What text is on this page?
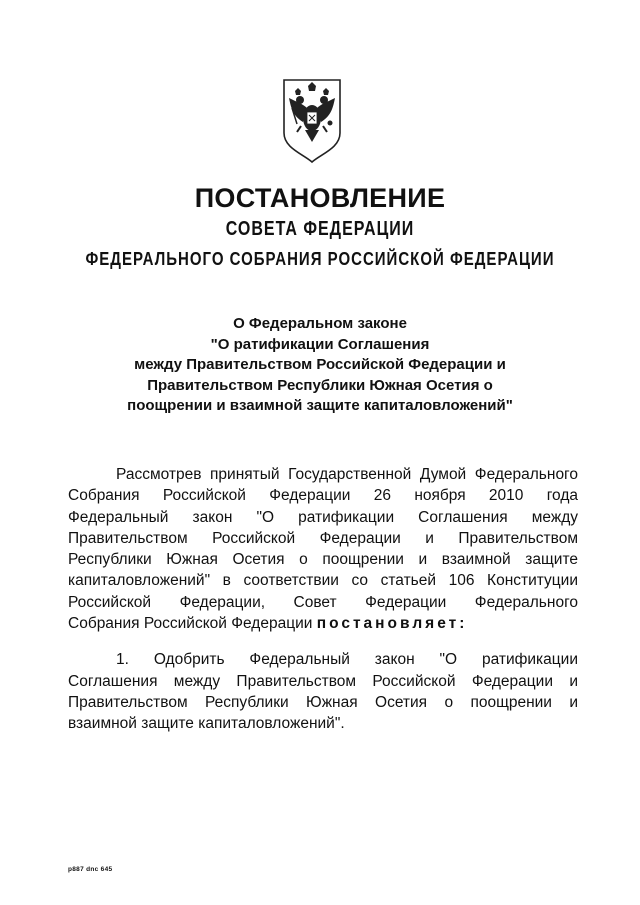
ПОСТАНОВЛЕНИЕ
СОВЕТА ФЕДЕРАЦИИ
ФЕДЕРАЛЬНОГО СОБРАНИЯ РОССИЙСКОЙ ФЕДЕРАЦИИ
О Федеральном законе
"О ратификации Соглашения
между Правительством Российской Федерации и
Правительством Республики Южная Осетия о
поощрении и взаимной защите капиталовложений"
Рассмотрев принятый Государственной Думой Федерального
Собрания Российской Федерации 26 ноября 2010 года
Федеральный закон "О ратификации Соглашения между
Правительством Российской Федерации и Правительством
Республики Южная Осетия о поощрении и взаимной защите
капиталовложений" в соответствии со статьей 106 Конституции
Российской Федерации, Совет Федерации Федерального
Собрания Российской Федерации постановляет:
1. Одобрить Федеральный закон "О ратификации
Соглашения между Правительством Российской Федерации и
Правительством Республики Южная Осетия о поощрении и
взаимной защите капиталовложений".
р887 dnc 645
